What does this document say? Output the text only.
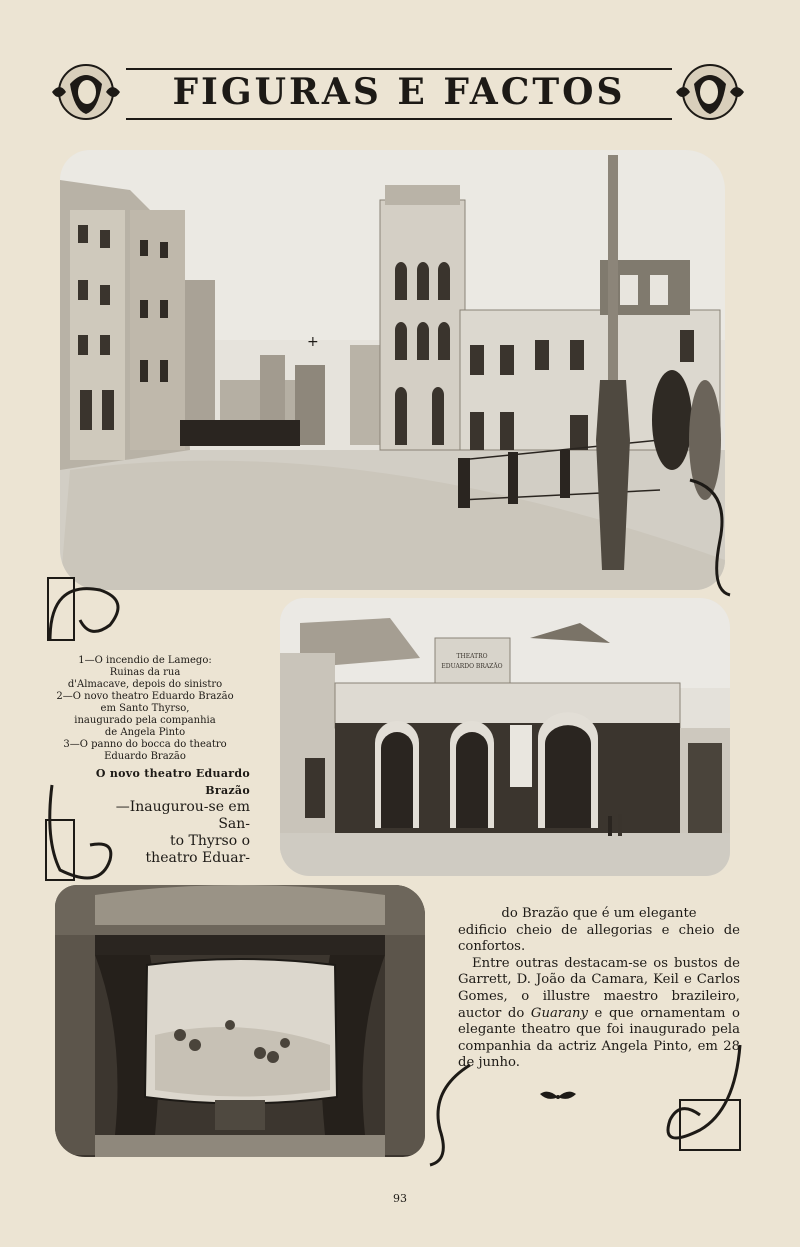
FIGURAS E FACTOS
+
THEATRO
EDUARDO BRAZÃO
1—O incendio de Lamego:
Ruinas da rua
d'Almacave, depois do sinistro
2—O novo theatro Eduardo Brazão
em Santo Thyrso,
inaugurado pela companhia
de Angela Pinto
3—O panno do bocca do theatro
Eduardo Brazão
O novo theatro Eduardo Brazão
—Inaugurou-se em San-
to Thyrso o
theatro Eduar-

do Brazão que é um elegante

edificio cheio de allegorias e cheio de confortos.

Entre outras destacam-se os bustos de Garrett, D. João da Camara, Keil e Carlos Gomes, o illustre maestro brazileiro, auctor do Guarany e que ornamentam o elegante theatro que foi inaugurado pela companhia da actriz Angela Pinto, em 28 de junho.

93
